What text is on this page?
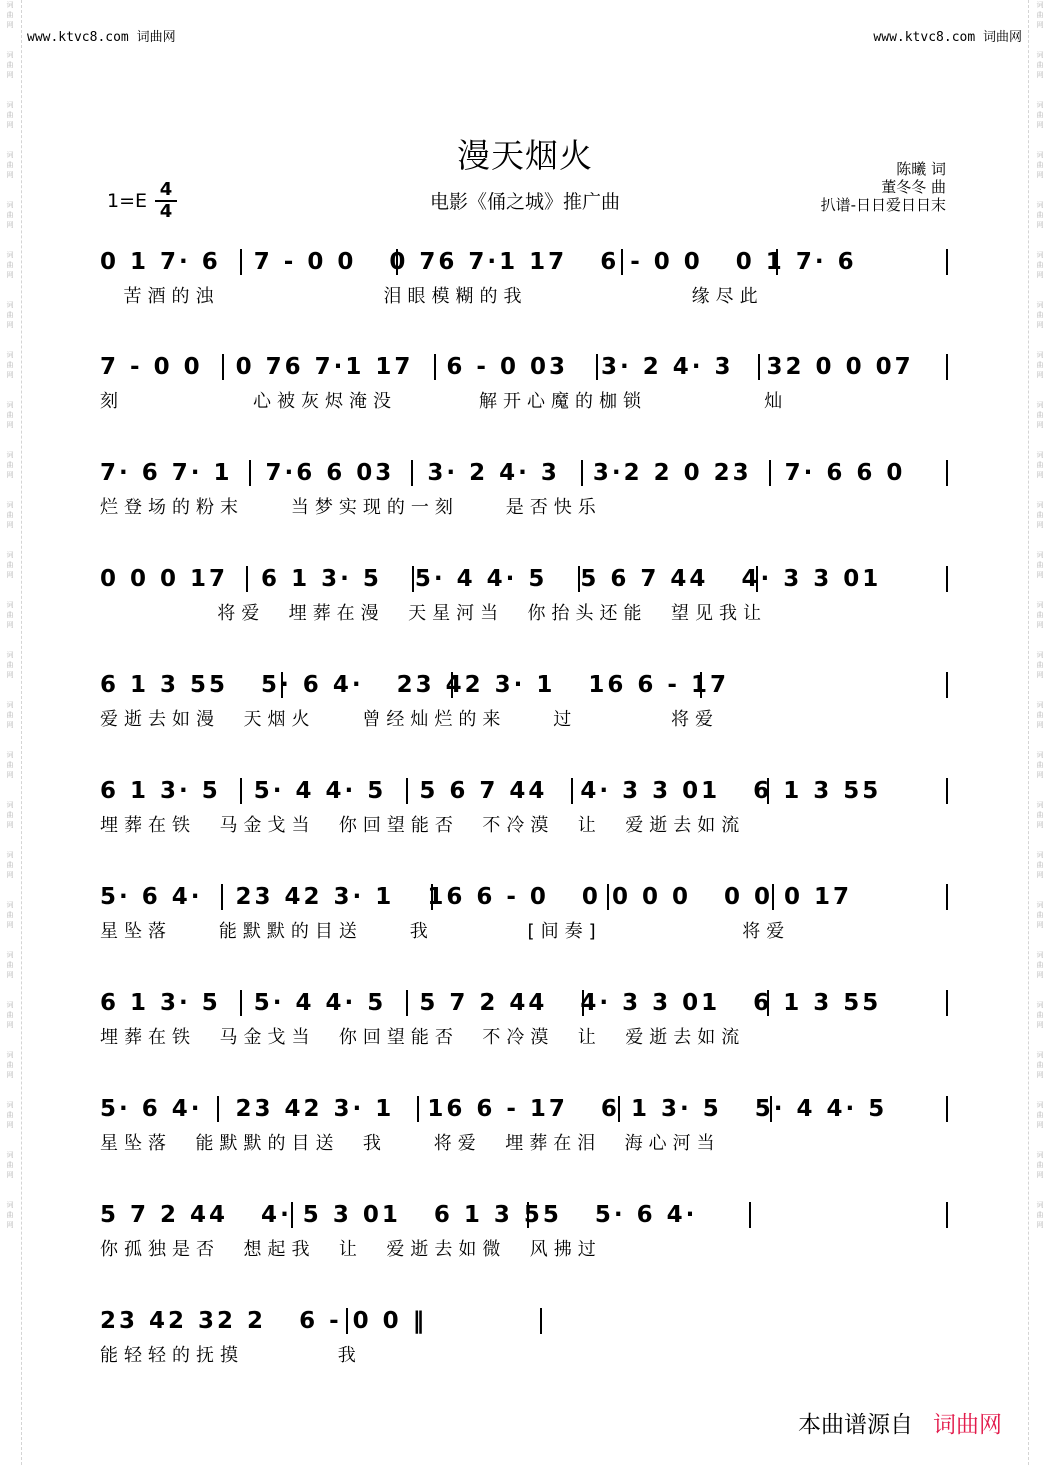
词
曲
网

词
曲
网

词
曲
网

词
曲
网

词
曲
网

词
曲
网

词
曲
网

词
曲
网

词
曲
网

词
曲
网

词
曲
网

词
曲
网

词
曲
网

词
曲
网

词
曲
网

词
曲
网

词
曲
网

词
曲
网

词
曲
网

词
曲
网

词
曲
网

词
曲
网

词
曲
网

词
曲
网

词
曲
网

词
曲
网

词
曲
网

词
曲
网

词
曲
网

词
曲
网

词
曲
网

词
曲
网

词
曲
网

词
曲
网

词
曲
网

词
曲
网

词
曲
网

词
曲
网

词
曲
网

词
曲
网

词
曲
网

词
曲
网

词
曲
网

词
曲
网

词
曲
网

词
曲
网

词
曲
网

词
曲
网

词
曲
网

词
曲
网

www.ktvc8.com 词曲网	www.ktvc8.com 词曲网
漫天烟火
电影《俑之城》推广曲
1=E
4
4
陈曦 词
董冬冬 曲
扒谱-日日爱日日末
0 1 7· 6   7 - 0 0   0 76 7·1 17   6 - 0 0   0 1 7· 6
苦酒的浊              泪眼模糊的我              缘尽此
7 - 0 0   0 76 7·1 17   6 - 0 03   3· 2 4· 3   32 0 0 07
刻           心被灰烬淹没       解开心魔的枷锁          灿
7· 6 7· 1   7·6 6 03   3· 2 4· 3   3·2 2 0 23   7· 6 6 0
烂登场的粉末    当梦实现的一刻    是否快乐
0 0 0 17   6 1 3· 5   5· 4 4· 5   5 6 7 44   4· 3 3 01
将爱  埋葬在漫  天星河当  你抬头还能  望见我让
6 1 3 55   5· 6 4·   23 42 3· 1   16 6 - 17
爱逝去如漫  天烟火    曾经灿烂的来    过        将爱
6 1 3· 5   5· 4 4· 5   5 6 7 44   4· 3 3 01   6 1 3 55
埋葬在铁  马金戈当  你回望能否  不冷漠  让  爱逝去如流
5· 6 4·   23 42 3· 1   16 6 - 0   0 0 0 0   0 0 0 17
星坠落    能默默的目送    我        [间奏]            将爱
6 1 3· 5   5· 4 4· 5   5 7 2 44   4· 3 3 01   6 1 3 55
埋葬在铁  马金戈当  你回望能否  不冷漠  让  爱逝去如流
5· 6 4·   23 42 3· 1   16 6 - 17   6 1 3· 5   5· 4 4· 5
星坠落  能默默的目送  我    将爱  埋葬在泪  海心河当
5 7 2 44   4· 5 3 01   6 1 3 55   5· 6 4·
你孤独是否  想起我  让  爱逝去如微  风拂过
23 42 32 2   6 - 0 0 ‖
能轻轻的抚摸        我
本曲谱源自 词曲网
